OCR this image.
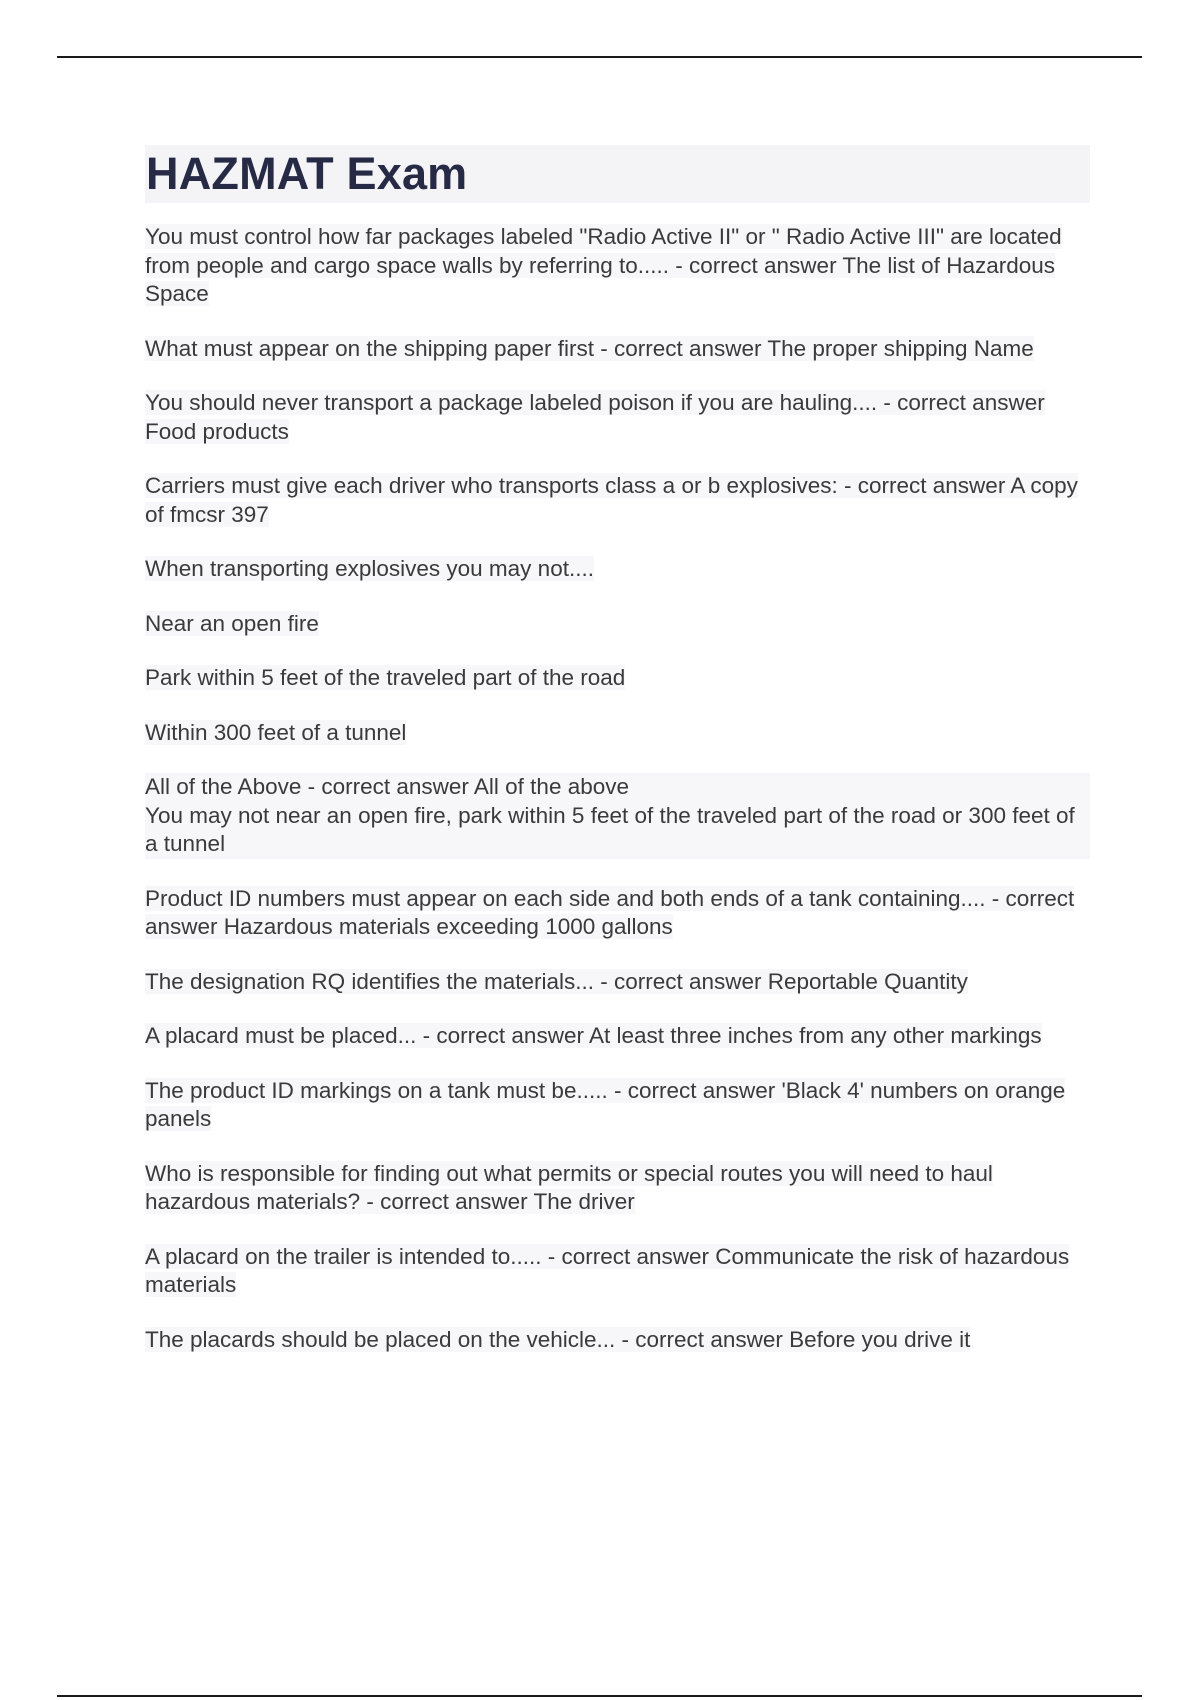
HAZMAT Exam
You must control how far packages labeled "Radio Active II" or " Radio Active III" are located from people and cargo space walls by referring to..... - correct answer The list of Hazardous Space
What must appear on the shipping paper first - correct answer The proper shipping Name
You should never transport a package labeled poison if you are hauling.... - correct answer Food products
Carriers must give each driver who transports class a or b explosives: - correct answer A copy of fmcsr 397
When transporting explosives you may not....
Near an open fire
Park within 5 feet of the traveled part of the road
Within 300 feet of a tunnel
All of the Above - correct answer All of the above
You may not near an open fire, park within 5 feet of the traveled part of the road or 300 feet of a tunnel
Product ID numbers must appear on each side and both ends of a tank containing.... - correct answer Hazardous materials exceeding 1000 gallons
The designation RQ identifies the materials... - correct answer Reportable Quantity
A placard must be placed... - correct answer At least three inches from any other markings
The product ID markings on a tank must be..... - correct answer 'Black 4' numbers on orange panels
Who is responsible for finding out what permits or special routes you will need to haul hazardous materials? - correct answer The driver
A placard on the trailer is intended to..... - correct answer Communicate the risk of hazardous materials
The placards should be placed on the vehicle... - correct answer Before you drive it
